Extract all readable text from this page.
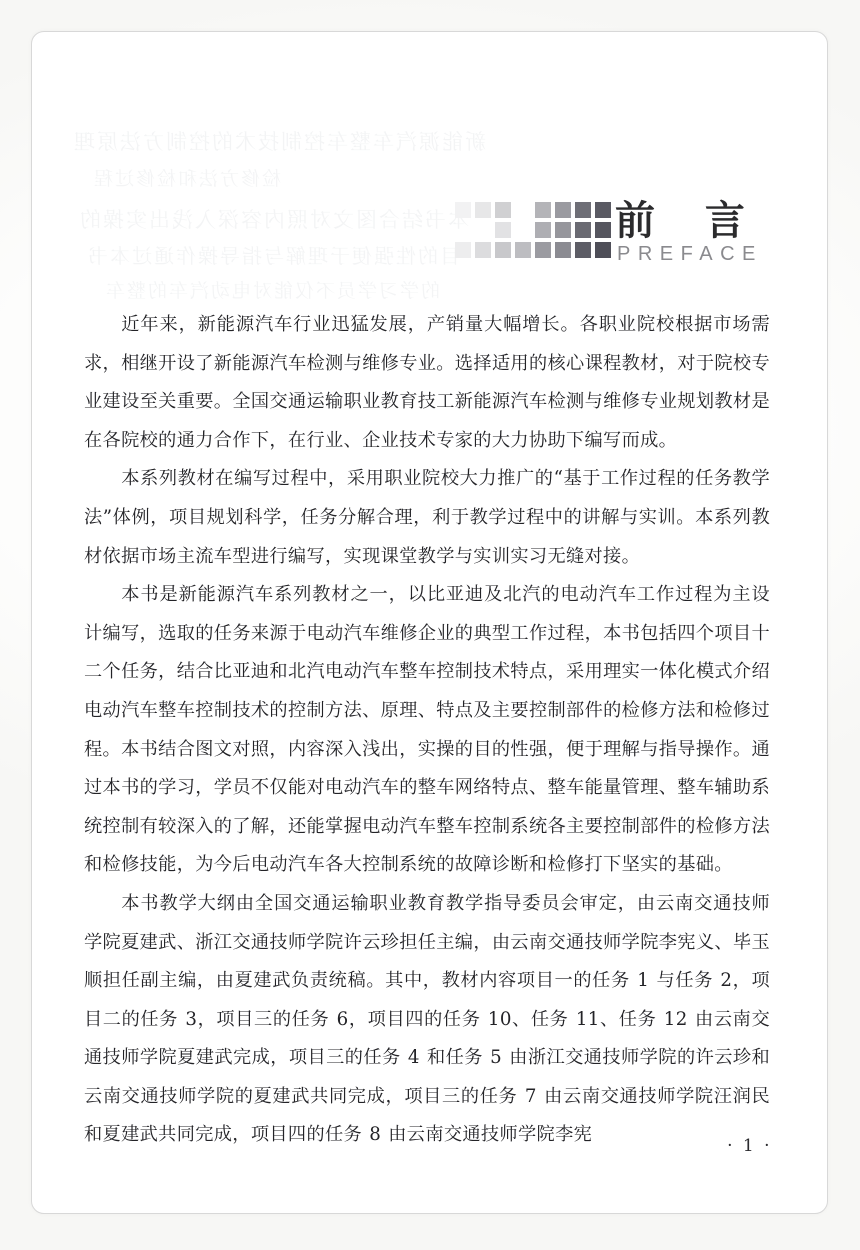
前 言
PREFACE

近年来，新能源汽车行业迅猛发展，产销量大幅增长。各职业院校根据市场需求，相继开设了新能源汽车检测与维修专业。选择适用的核心课程教材，对于院校专业建设至关重要。全国交通运输职业教育技工新能源汽车检测与维修专业规划教材是在各院校的通力合作下，在行业、企业技术专家的大力协助下编写而成。

本系列教材在编写过程中，采用职业院校大力推广的“基于工作过程的任务教学法”体例，项目规划科学，任务分解合理，利于教学过程中的讲解与实训。本系列教材依据市场主流车型进行编写，实现课堂教学与实训实习无缝对接。

本书是新能源汽车系列教材之一，以比亚迪及北汽的电动汽车工作过程为主设计编写，选取的任务来源于电动汽车维修企业的典型工作过程，本书包括四个项目十二个任务，结合比亚迪和北汽电动汽车整车控制技术特点，采用理实一体化模式介绍电动汽车整车控制技术的控制方法、原理、特点及主要控制部件的检修方法和检修过程。本书结合图文对照，内容深入浅出，实操的目的性强，便于理解与指导操作。通过本书的学习，学员不仅能对电动汽车的整车网络特点、整车能量管理、整车辅助系统控制有较深入的了解，还能掌握电动汽车整车控制系统各主要控制部件的检修方法和检修技能，为今后电动汽车各大控制系统的故障诊断和检修打下坚实的基础。

本书教学大纲由全国交通运输职业教育教学指导委员会审定，由云南交通技师学院夏建武、浙江交通技师学院许云珍担任主编，由云南交通技师学院李宪义、毕玉顺担任副主编，由夏建武负责统稿。其中，教材内容项目一的任务 1 与任务 2，项目二的任务 3，项目三的任务 6，项目四的任务 10、任务 11、任务 12 由云南交通技师学院夏建武完成，项目三的任务 4 和任务 5 由浙江交通技师学院的许云珍和云南交通技师学院的夏建武共同完成，项目三的任务 7 由云南交通技师学院汪润民和夏建武共同完成，项目四的任务 8 由云南交通技师学院李宪

· 1 ·
